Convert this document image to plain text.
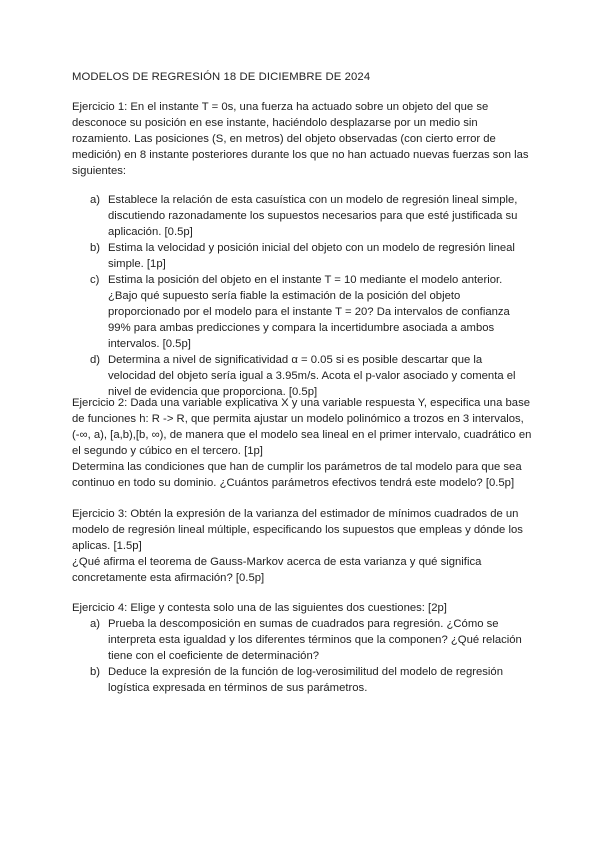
MODELOS DE REGRESIÓN 18 DE DICIEMBRE DE 2024
Ejercicio 1: En el instante T = 0s, una fuerza ha actuado sobre un objeto del que se desconoce su posición en ese instante, haciéndolo desplazarse por un medio sin rozamiento. Las posiciones (S, en metros) del objeto observadas (con cierto error de medición) en 8 instante posteriores durante los que no han actuado nuevas fuerzas son las siguientes:
a) Establece la relación de esta casuística con un modelo de regresión lineal simple, discutiendo razonadamente los supuestos necesarios para que esté justificada su aplicación. [0.5p]
b) Estima la velocidad y posición inicial del objeto con un modelo de regresión lineal simple. [1p]
c) Estima la posición del objeto en el instante T = 10 mediante el modelo anterior. ¿Bajo qué supuesto sería fiable la estimación de la posición del objeto proporcionado por el modelo para el instante T = 20? Da intervalos de confianza 99% para ambas predicciones y compara la incertidumbre asociada a ambos intervalos. [0.5p]
d) Determina a nivel de significatividad α = 0.05 si es posible descartar que la velocidad del objeto sería igual a 3.95m/s. Acota el p-valor asociado y comenta el nivel de evidencia que proporciona. [0.5p]
Ejercicio 2: Dada una variable explicativa X y una variable respuesta Y, especifica una base de funciones h: R -> R, que permita ajustar un modelo polinómico a trozos en 3 intervalos, (-∞, a), [a,b),[b, ∞), de manera que el modelo sea lineal en el primer intervalo, cuadrático en el segundo y cúbico en el tercero. [1p]
Determina las condiciones que han de cumplir los parámetros de tal modelo para que sea continuo en todo su dominio. ¿Cuántos parámetros efectivos tendrá este modelo? [0.5p]
Ejercicio 3: Obtén la expresión de la varianza del estimador de mínimos cuadrados de un modelo de regresión lineal múltiple, especificando los supuestos que empleas y dónde los aplicas. [1.5p]
¿Qué afirma el teorema de Gauss-Markov acerca de esta varianza y qué significa concretamente esta afirmación? [0.5p]
Ejercicio 4: Elige y contesta solo una de las siguientes dos cuestiones: [2p]
a) Prueba la descomposición en sumas de cuadrados para regresión. ¿Cómo se interpreta esta igualdad y los diferentes términos que la componen? ¿Qué relación tiene con el coeficiente de determinación?
b) Deduce la expresión de la función de log-verosimilitud del modelo de regresión logística expresada en términos de sus parámetros.
